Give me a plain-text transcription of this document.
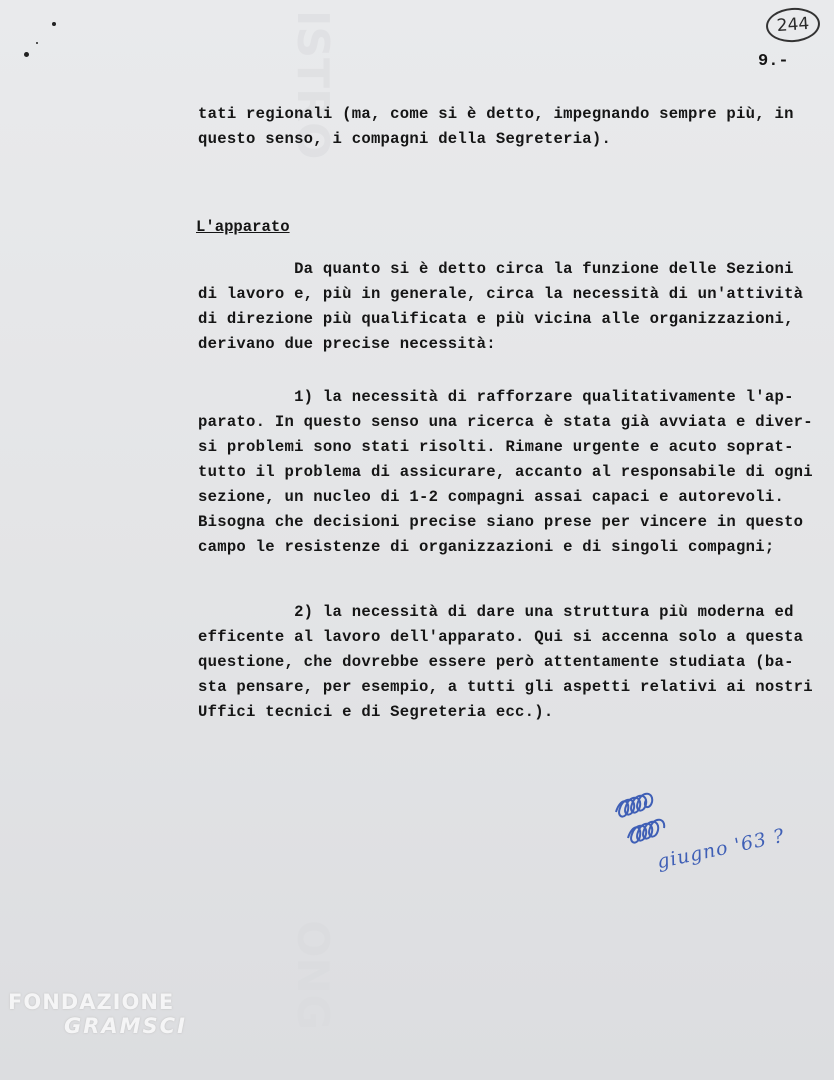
ISTRO
ONG
244
9.-
tati regionali (ma, come si è detto, impegnando sempre più, in
questo senso, i compagni della Segreteria).
L'apparato
Da quanto si è detto circa la funzione delle Sezioni
di lavoro e, più in generale, circa la necessità di un'attività
di direzione più qualificata e più vicina alle organizzazioni,
derivano due precise necessità:
1) la necessità di rafforzare qualitativamente l'ap-
parato. In questo senso una ricerca è stata già avviata e diver-
si problemi sono stati risolti. Rimane urgente e acuto soprat-
tutto il problema di assicurare, accanto al responsabile di ogni
sezione, un nucleo di 1-2 compagni assai capaci e autorevoli.
Bisogna che decisioni precise siano prese per vincere in questo
campo le resistenze di organizzazioni e di singoli compagni;
2) la necessità di dare una struttura più moderna ed
efficente al lavoro dell'apparato. Qui si accenna solo a questa
questione, che dovrebbe essere però attentamente studiata (ba-
sta pensare, per esempio, a tutti gli aspetti relativi ai nostri
Uffici tecnici e di Segreteria ecc.).
giugno '63 ?
FONDAZIONE
GRAMSCI
